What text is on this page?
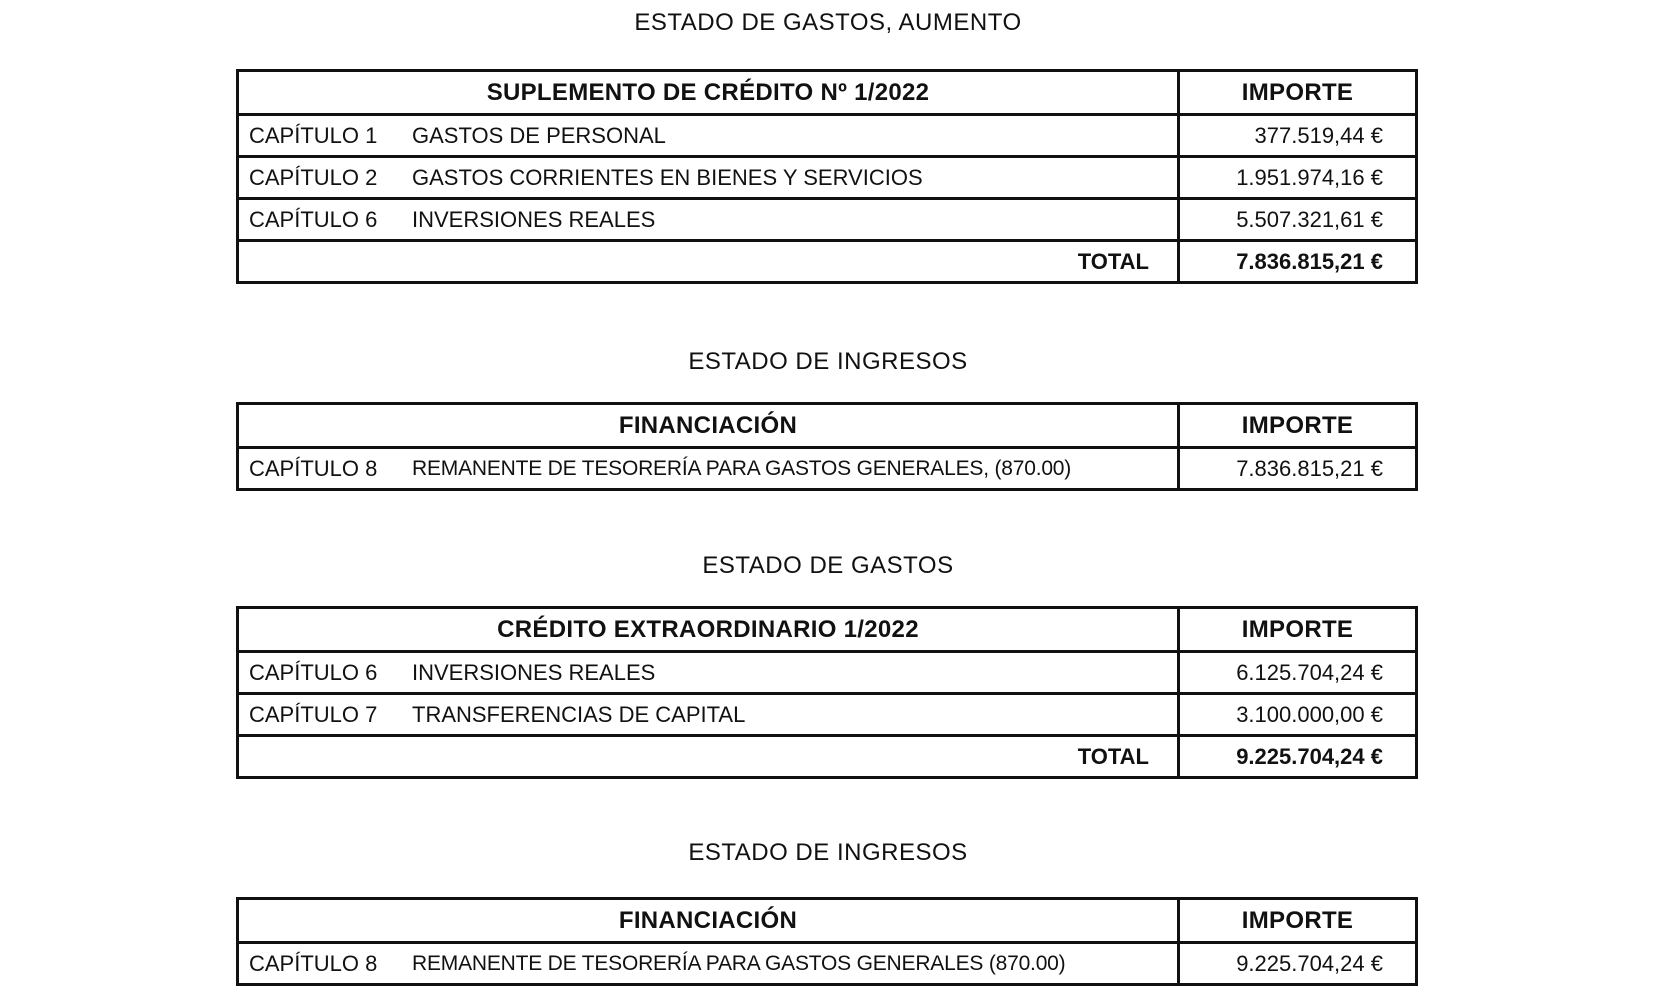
ESTADO DE GASTOS, AUMENTO
SUPLEMENTO DE CRÉDITO Nº 1/2022	IMPORTE
CAPÍTULO 1	GASTOS DE PERSONAL	377.519,44 €
CAPÍTULO 2	GASTOS CORRIENTES EN BIENES Y SERVICIOS	1.951.974,16 €
CAPÍTULO 6	INVERSIONES REALES	5.507.321,61 €
TOTAL	7.836.815,21 €
ESTADO DE INGRESOS
FINANCIACIÓN	IMPORTE
CAPÍTULO 8	REMANENTE DE TESORERÍA PARA GASTOS GENERALES, (870.00)	7.836.815,21 €
ESTADO DE GASTOS
CRÉDITO EXTRAORDINARIO 1/2022	IMPORTE
CAPÍTULO 6	INVERSIONES REALES	6.125.704,24 €
CAPÍTULO 7	TRANSFERENCIAS DE CAPITAL	3.100.000,00 €
TOTAL	9.225.704,24 €
ESTADO DE INGRESOS
FINANCIACIÓN	IMPORTE
CAPÍTULO 8	REMANENTE DE TESORERÍA PARA GASTOS GENERALES (870.00)	9.225.704,24 €
